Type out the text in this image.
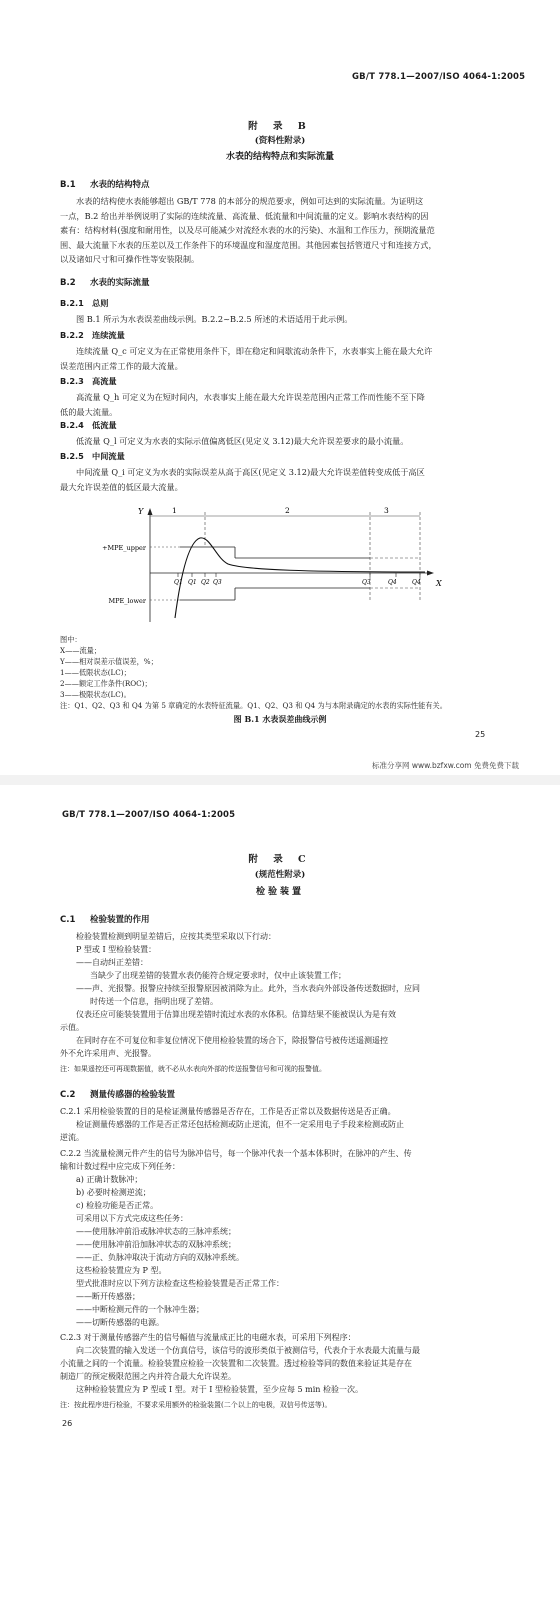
GB/T 778.1—2007/ISO 4064-1:2005
附 录 B
(资料性附录)
水表的结构特点和实际流量
B.1 水表的结构特点
水表的结构使水表能够超出 GB/T 778 的本部分的规范要求，例如可达到的实际流量。为证明这
一点，B.2 给出并举例说明了实际的连续流量、高流量、低流量和中间流量的定义。影响水表结构的因
素有：结构材料(强度和耐用性，以及尽可能减少对流经水表的水的污染)、水温和工作压力，预期流量范
围、最大流量下水表的压差以及工作条件下的环境温度和湿度范围。其他因素包括管道尺寸和连接方式，
以及诸如尺寸和可操作性等安装限制。
B.2 水表的实际流量
B.2.1 总则
图 B.1 所示为水表误差曲线示例。B.2.2~B.2.5 所述的术语适用于此示例。
B.2.2 连续流量
连续流量 Q_c 可定义为在正常使用条件下，即在稳定和间歇流动条件下，水表事实上能在最大允许
误差范围内正常工作的最大流量。
B.2.3 高流量
高流量 Q_h 可定义为在短时间内，水表事实上能在最大允许误差范围内正常工作而性能不至下降
低的最大流量。
B.2.4 低流量
低流量 Q_l 可定义为水表的实际示值偏离低区(见定义 3.12)最大允许误差要求的最小流量。
B.2.5 中间流量
中间流量 Q_i 可定义为水表的实际误差从高于高区(见定义 3.12)最大允许误差值转变成低于高区
最大允许误差值的低区最大流量。
Y
X
1	2	3
+MPE_upper
MPE_lower
Q1 Q1 Q2 Q3	Q3	Q4	Q4
图中：
X——流量；
Y——相对误差示值误差，%；
1——低限状态(LC)；
2——额定工作条件(ROC)；
3——极限状态(LC)。
注：Q1、Q2、Q3 和 Q4 为第 5 章确定的水表特征流量。Q1、Q2、Q3 和 Q4 为与本附录确定的水表的实际性能有关。
图 B.1 水表误差曲线示例
25
标准分享网 www.bzfxw.com 免费免费下载
GB/T 778.1—2007/ISO 4064-1:2005
附 录 C
(规范性附录)
检验装置
C.1 检验装置的作用
检验装置检测到明显差错后，应按其类型采取以下行动：
P 型或 I 型检验装置：
——自动纠正差错：
当缺少了出现差错的装置水表仍能符合规定要求时，仅中止该装置工作；
——声、光报警。报警应持续至报警原因被消除为止。此外，当水表向外部设备传送数据时，应同
时传送一个信息，指明出现了差错。
仪表还应可能装装置用于估算出现差错时流过水表的水体积。估算结果不能被误认为是有效
示值。
在同时存在不可复位和非复位情况下使用检验装置的场合下，除报警信号被传送遥测遥控
外不允许采用声、光报警。
注：如果遥控还可再现数据值，就不必从水表向外部的传送报警信号和可视的报警值。
C.2 测量传感器的检验装置
C.2.1 采用检验装置的目的是检证测量传感器是否存在，工作是否正常以及数据传送是否正确。
检证测量传感器的工作是否正常还包括检测或防止逆流，但不一定采用电子手段来检测或防止
逆流。
C.2.2 当流量检测元件产生的信号为脉冲信号，每一个脉冲代表一个基本体积时，在脉冲的产生、传
输和计数过程中应完成下列任务：
a) 正确计数脉冲；
b) 必要时检测逆流；
c) 检验功能是否正常。
可采用以下方式完成这些任务：
——使用脉冲前沿或脉冲状态的三脉冲系统；
——使用脉冲前沿加脉冲状态的双脉冲系统；
——正、负脉冲取决于流动方向的双脉冲系统。
这些检验装置应为 P 型。
型式批准时应以下列方法检查这些检验装置是否正常工作：
——断开传感器；
——中断检测元件的一个脉冲生器；
——切断传感器的电源。
C.2.3 对于测量传感器产生的信号幅值与流量成正比的电磁水表，可采用下列程序：
向二次装置的输入发送一个仿真信号，该信号的波形类似于被测信号，代表介于水表最大流量与最
小流量之间的一个流量。检验装置应检验一次装置和二次装置。透过检验等同的数值来验证其是存在
制造厂的预定极限范围之内并符合最大允许误差。
这种检验装置应为 P 型或 I 型。对于 I 型检验装置，至少应每 5 min 检验一次。
注：按此程序进行检验，不要求采用额外的检验装置(二个以上的电极，双信号传送等)。
26
